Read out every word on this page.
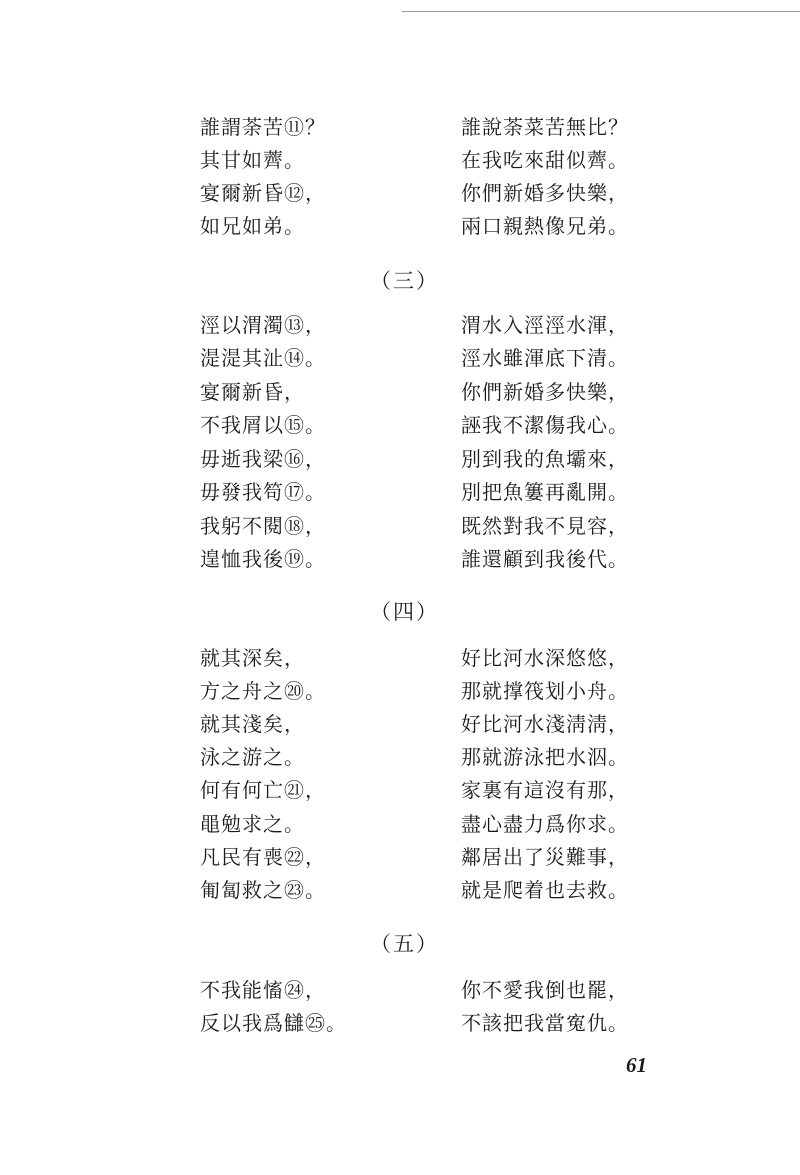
誰謂荼苦⑪？
其甘如薺。
宴爾新昏⑫，
如兄如弟。
誰說荼菜苦無比？
在我吃來甜似薺。
你們新婚多快樂，
兩口親熱像兄弟。
（三）
涇以渭濁⑬，
湜湜其沚⑭。
宴爾新昏，
不我屑以⑮。
毋逝我梁⑯，
毋發我笱⑰。
我躬不閱⑱，
遑恤我後⑲。
渭水入涇涇水渾，
涇水雖渾底下清。
你們新婚多快樂，
誣我不潔傷我心。
別到我的魚壩來，
別把魚簍再亂開。
既然對我不見容，
誰還顧到我後代。
（四）
就其深矣，
方之舟之⑳。
就其淺矣，
泳之游之。
何有何亡㉑，
黽勉求之。
凡民有喪㉒，
匍匐救之㉓。
好比河水深悠悠，
那就撑筏划小舟。
好比河水淺淸淸，
那就游泳把水泅。
家裏有這沒有那，
盡心盡力爲你求。
鄰居出了災難事，
就是爬着也去救。
（五）
不我能慉㉔，
反以我爲讎㉕。
你不愛我倒也罷，
不該把我當寃仇。
61
